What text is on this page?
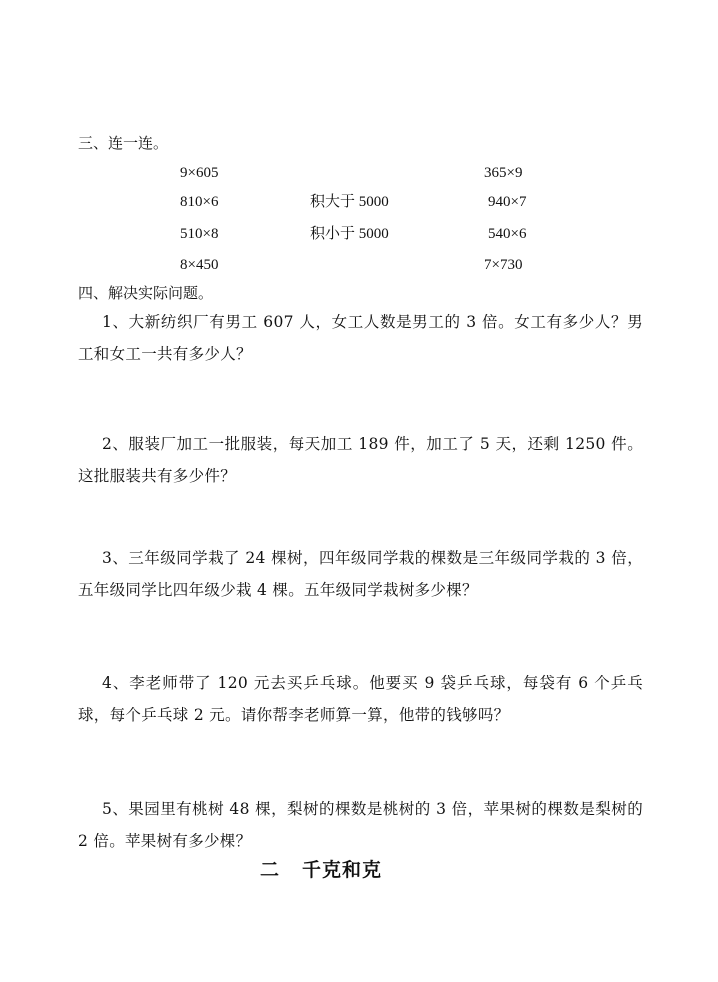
三、连一连。
9×605
810×6
510×8
8×450
积大于 5000
积小于 5000
365×9
940×7
540×6
7×730
四、解决实际问题。
1、大新纺织厂有男工 607 人，女工人数是男工的 3 倍。女工有多少人？男工和女工一共有多少人？
2、服装厂加工一批服装，每天加工 189 件，加工了 5 天，还剩 1250 件。这批服装共有多少件？
3、三年级同学栽了 24 棵树，四年级同学栽的棵数是三年级同学栽的 3 倍，五年级同学比四年级少栽 4 棵。五年级同学栽树多少棵？
4、李老师带了 120 元去买乒乓球。他要买 9 袋乒乓球，每袋有 6 个乒乓球，每个乒乓球 2 元。请你帮李老师算一算，他带的钱够吗？
5、果园里有桃树 48 棵，梨树的棵数是桃树的 3 倍，苹果树的棵数是梨树的 2 倍。苹果树有多少棵？
二 千克和克
